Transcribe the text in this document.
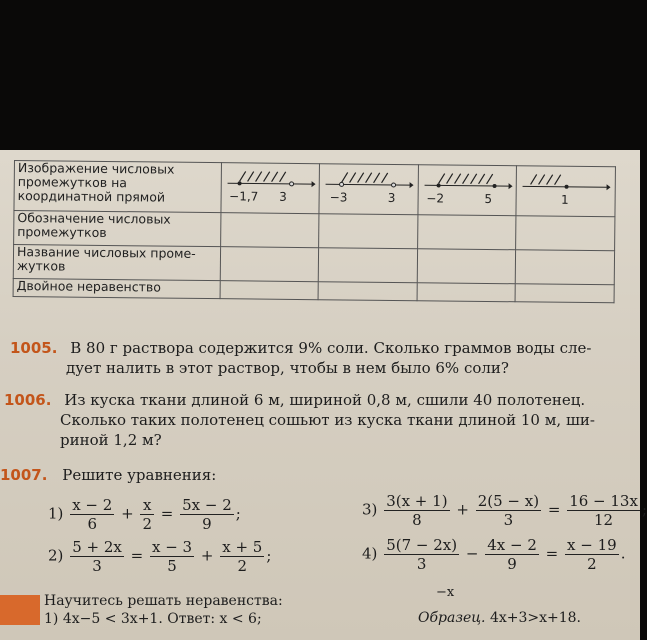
Изображение числовых промежутков на координатной прямой	−1,7 3	−3 3	−2 5	1

Обозначение числовых промежутков				
Название числовых проме- жутков				
Двойное неравенство				
1005. В 80 г раствора содержится 9% соли. Сколько граммов воды сле-
дует налить в этот раствор, чтобы в нем было 6% соли?
1006. Из куска ткани длиной 6 м, шириной 0,8 м, сшили 40 полотенец.
Сколько таких полотенец сошьют из куска ткани длиной 10 м, ши-
риной 1,2 м?
1007. Решите уравнения:
$1) \frac{x - 2}{6} + \frac{x}{2} = \frac{5x - 2}{9}$ ;
$2) \frac{5 + 2x}{3} = \frac{x - 3}{5} + \frac{x + 5}{2}$ ;
$3) \frac{3(x + 1)}{8} + \frac{2(5 - x)}{3} = \frac{16 - 13x}{12}$ ;
$4) \frac{5(7 - 2x)}{3} - \frac{4x - 2}{9} = \frac{x - 19}{2}$ .
Научитесь решать неравенства:
1) 4x−5 < 3x+1. Ответ: x < 6;
−x
Образец. 4x+3>x+18.
